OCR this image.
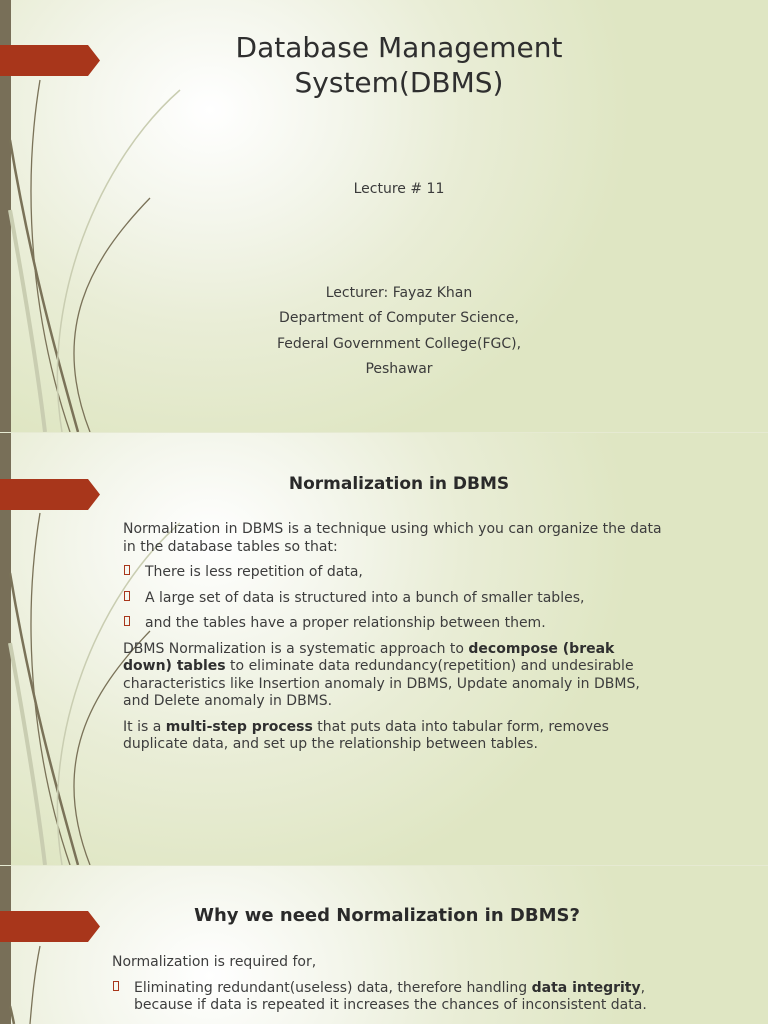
Database Management
System(DBMS)
Lecture # 11
Lecturer: Fayaz Khan
Department of Computer Science,
Federal Government College(FGC),
Peshawar
Normalization in DBMS

Normalization in DBMS is a technique using which you can organize the data in the database tables so that:

There is less repetition of data,

A large set of data is structured into a bunch of smaller tables,

and the tables have a proper relationship between them.

DBMS Normalization is a systematic approach to decompose (break down) tables to eliminate data redundancy(repetition) and undesirable characteristics like Insertion anomaly in DBMS, Update anomaly in DBMS, and Delete anomaly in DBMS.

It is a multi-step process that puts data into tabular form, removes duplicate data, and set up the relationship between tables.

Why we need Normalization in DBMS?

Normalization is required for,

Eliminating redundant(useless) data, therefore handling data integrity, because if data is repeated it increases the chances of inconsistent data.
